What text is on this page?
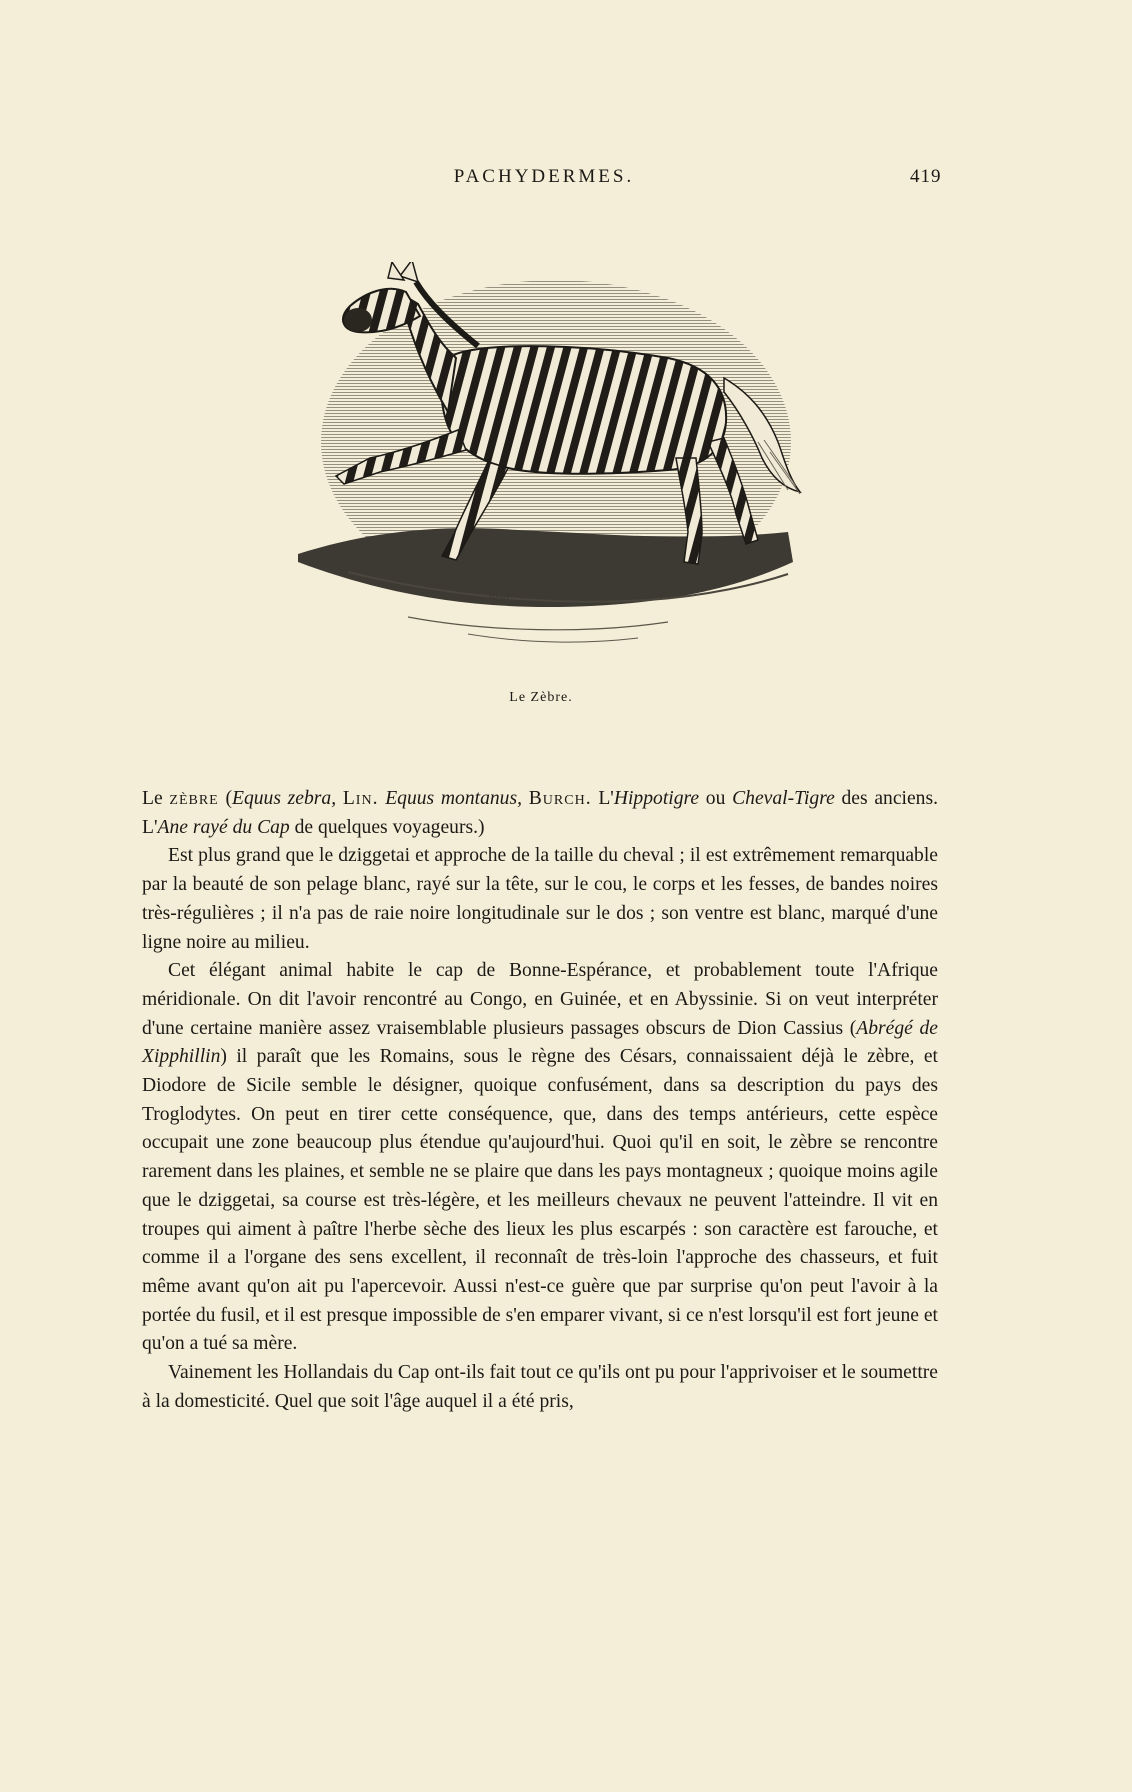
PACHYDERMES.	419
Le Zèbre.

Le zèbre (Equus zebra, Lin. Equus montanus, Burch. L'Hippotigre ou Cheval-Tigre des anciens. L'Ane rayé du Cap de quelques voyageurs.)

Est plus grand que le dziggetai et approche de la taille du cheval ; il est extrêmement remarquable par la beauté de son pelage blanc, rayé sur la tête, sur le cou, le corps et les fesses, de bandes noires très-régulières ; il n'a pas de raie noire longitudinale sur le dos ; son ventre est blanc, marqué d'une ligne noire au milieu.

Cet élégant animal habite le cap de Bonne-Espérance, et probablement toute l'Afrique méridionale. On dit l'avoir rencontré au Congo, en Guinée, et en Abyssinie. Si on veut interpréter d'une certaine manière assez vraisemblable plusieurs passages obscurs de Dion Cassius (Abrégé de Xipphillin) il paraît que les Romains, sous le règne des Césars, connaissaient déjà le zèbre, et Diodore de Sicile semble le désigner, quoique confusément, dans sa description du pays des Troglodytes. On peut en tirer cette conséquence, que, dans des temps antérieurs, cette espèce occupait une zone beaucoup plus étendue qu'aujourd'hui. Quoi qu'il en soit, le zèbre se rencontre rarement dans les plaines, et semble ne se plaire que dans les pays montagneux ; quoique moins agile que le dziggetai, sa course est très-légère, et les meilleurs chevaux ne peuvent l'atteindre. Il vit en troupes qui aiment à paître l'herbe sèche des lieux les plus escarpés : son caractère est farouche, et comme il a l'organe des sens excellent, il reconnaît de très-loin l'approche des chasseurs, et fuit même avant qu'on ait pu l'apercevoir. Aussi n'est-ce guère que par surprise qu'on peut l'avoir à la portée du fusil, et il est presque impossible de s'en emparer vivant, si ce n'est lorsqu'il est fort jeune et qu'on a tué sa mère.

Vainement les Hollandais du Cap ont-ils fait tout ce qu'ils ont pu pour l'apprivoiser et le soumettre à la domesticité. Quel que soit l'âge auquel il a été pris,
